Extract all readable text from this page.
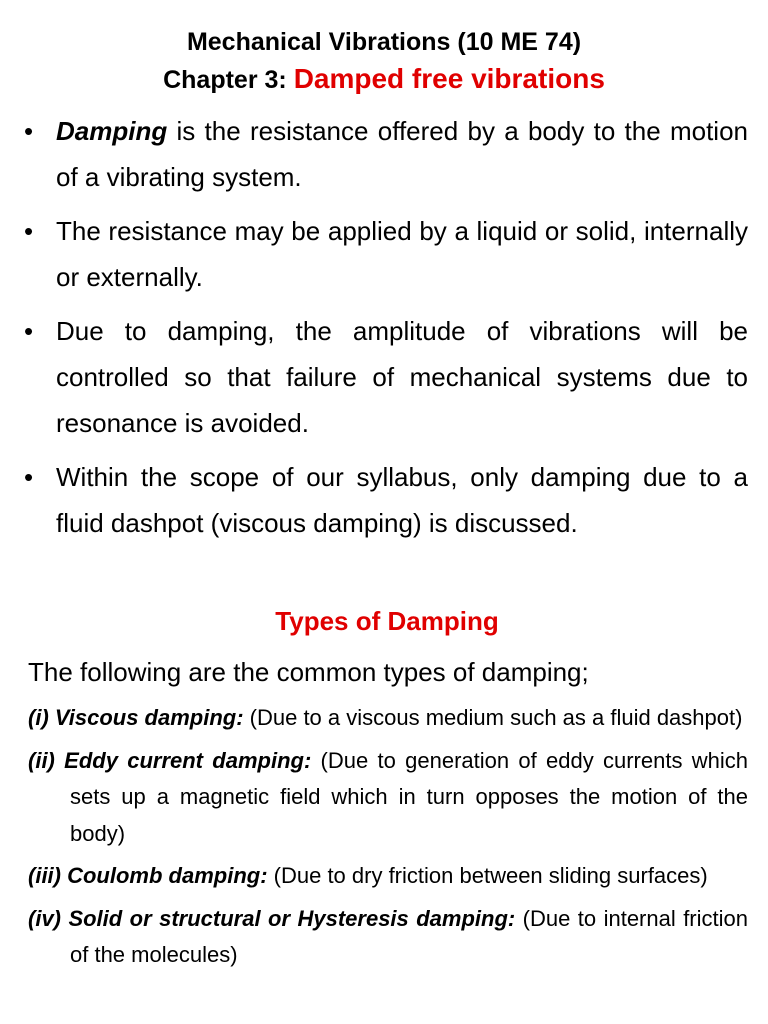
Mechanical Vibrations (10 ME 74)
Chapter 3: Damped free vibrations
• Damping is the resistance offered by a body to the motion of a vibrating system.
• The resistance may be applied by a liquid or solid, internally or externally.
• Due to damping, the amplitude of vibrations will be controlled so that failure of mechanical systems due to resonance is avoided.
• Within the scope of our syllabus, only damping due to a fluid dashpot (viscous damping) is discussed.
Types of Damping
The following are the common types of damping;
(i) Viscous damping: (Due to a viscous medium such as a fluid dashpot)
(ii) Eddy current damping: (Due to generation of eddy currents which sets up a magnetic field which in turn opposes the motion of the body)
(iii) Coulomb damping: (Due to dry friction between sliding surfaces)
(iv) Solid or structural or Hysteresis damping: (Due to internal friction of the molecules)
